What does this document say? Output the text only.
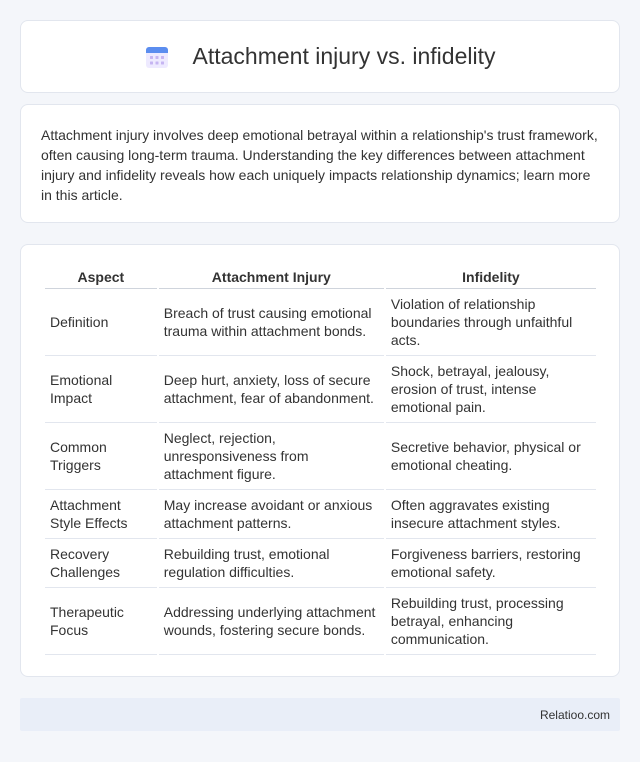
Attachment injury vs. infidelity

Attachment injury involves deep emotional betrayal within a relationship's trust framework, often causing long-term trauma. Understanding the key differences between attachment injury and infidelity reveals how each uniquely impacts relationship dynamics; learn more in this article.

Aspect	Attachment Injury	Infidelity
Definition	Breach of trust causing emotional trauma within attachment bonds.	Violation of relationship boundaries through unfaithful acts.
Emotional Impact	Deep hurt, anxiety, loss of secure attachment, fear of abandonment.	Shock, betrayal, jealousy, erosion of trust, intense emotional pain.
Common Triggers	Neglect, rejection, unresponsiveness from attachment figure.	Secretive behavior, physical or emotional cheating.
Attachment Style Effects	May increase avoidant or anxious attachment patterns.	Often aggravates existing insecure attachment styles.
Recovery Challenges	Rebuilding trust, emotional regulation difficulties.	Forgiveness barriers, restoring emotional safety.
Therapeutic Focus	Addressing underlying attachment wounds, fostering secure bonds.	Rebuilding trust, processing betrayal, enhancing communication.
Relatioo.com
